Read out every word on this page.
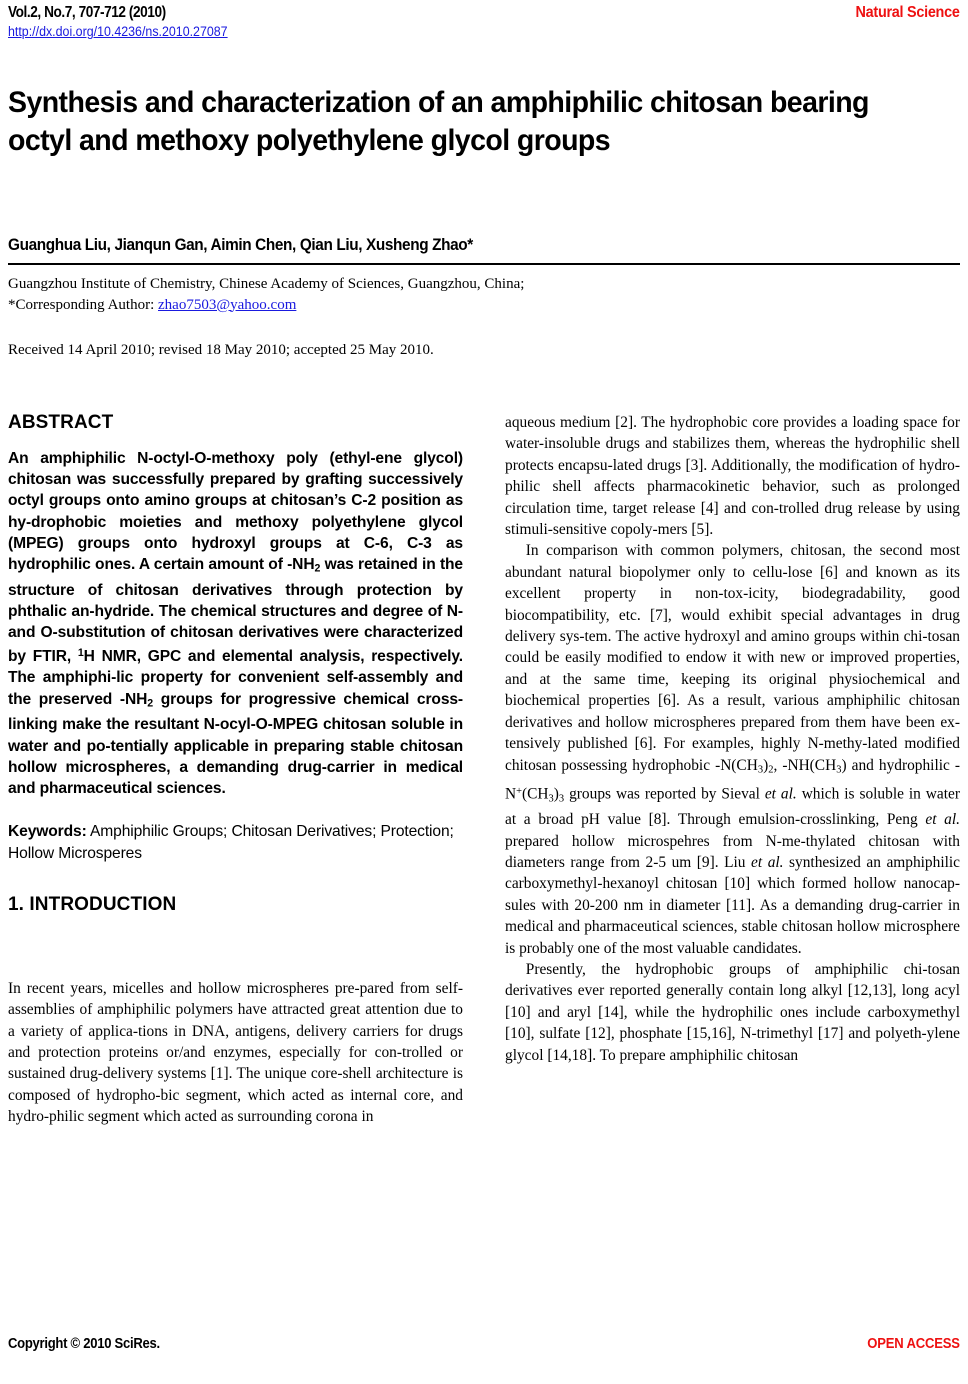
Vol.2, No.7, 707-712 (2010)	Natural Science
http://dx.doi.org/10.4236/ns.2010.27087
Synthesis and characterization of an amphiphilic chitosan bearing octyl and methoxy polyethylene glycol groups
Guanghua Liu, Jianqun Gan, Aimin Chen, Qian Liu, Xusheng Zhao*
Guangzhou Institute of Chemistry, Chinese Academy of Sciences, Guangzhou, China;
*Corresponding Author: zhao7503@yahoo.com
Received 14 April 2010; revised 18 May 2010; accepted 25 May 2010.
ABSTRACT

An amphiphilic N-octyl-O-methoxy poly (ethyl-ene glycol) chitosan was successfully prepared by grafting successively octyl groups onto amino groups at chitosan’s C-2 position as hy-drophobic moieties and methoxy polyethylene glycol (MPEG) groups onto hydroxyl groups at C-6, C-3 as hydrophilic ones. A certain amount of $-NH_2$ was retained in the structure of chitosan derivatives through protection by phthalic an-hydride. The chemical structures and degree of N-and O-substitution of chitosan derivatives were characterized by FTIR, $^1$H NMR, GPC and elemental analysis, respectively. The amphiphi-lic property for convenient self-assembly and the preserved $-NH_2$ groups for progressive chemical cross-linking make the resultant N-ocyl-O-MPEG chitosan soluble in water and po-tentially applicable in preparing stable chitosan hollow microspheres, a demanding drug-carrier in medical and pharmaceutical sciences.

Keywords: Amphiphilic Groups; Chitosan Derivatives; Protection; Hollow Microsperes

1. INTRODUCTION

In recent years, micelles and hollow microspheres pre-pared from self-assemblies of amphiphilic polymers have attracted great attention due to a variety of applica-tions in DNA, antigens, delivery carriers for drugs and protection proteins or/and enzymes, especially for con-trolled or sustained drug-delivery systems [1]. The unique core-shell architecture is composed of hydropho-bic segment, which acted as internal core, and hydro-philic segment which acted as surrounding corona in

aqueous medium [2]. The hydrophobic core provides a loading space for water-insoluble drugs and stabilizes them, whereas the hydrophilic shell protects encapsu-lated drugs [3]. Additionally, the modification of hydro-philic shell affects pharmacokinetic behavior, such as prolonged circulation time, target release [4] and con-trolled drug release by using stimuli-sensitive copoly-mers [5].

In comparison with common polymers, chitosan, the second most abundant natural biopolymer only to cellu-lose [6] and known as its excellent property in non-tox-icity, biodegradability, good biocompatibility, etc. [7], would exhibit special advantages in drug delivery sys-tem. The active hydroxyl and amino groups within chi-tosan could be easily modified to endow it with new or improved properties, and at the same time, keeping its original physiochemical and biochemical properties [6]. As a result, various amphiphilic chitosan derivatives and hollow microspheres prepared from them have been ex-tensively published [6]. For examples, highly N-methy-lated modified chitosan possessing hydrophobic $-N(CH_3)_2$, $-NH(CH_3)$ and hydrophilic $-N^+(CH_3)_3$ groups was reported by Sieval et al. which is soluble in water at a broad pH value [8]. Through emulsion-crosslinking, Peng et al. prepared hollow microspehres from N-me-thylated chitosan with diameters range from 2-5 um [9]. Liu et al. synthesized an amphiphilic carboxymethyl-hexanoyl chitosan [10] which formed hollow nanocap-sules with 20-200 nm in diameter [11]. As a demanding drug-carrier in medical and pharmaceutical sciences, stable chitosan hollow microsphere is probably one of the most valuable candidates.

Presently, the hydrophobic groups of amphiphilic chi-tosan derivatives ever reported generally contain long alkyl [12,13], long acyl [10] and aryl [14], while the hydrophilic ones include carboxymethyl [10], sulfate [12], phosphate [15,16], N-trimethyl [17] and polyeth-ylene glycol [14,18]. To prepare amphiphilic chitosan

Copyright © 2010 SciRes.	OPEN ACCESS
